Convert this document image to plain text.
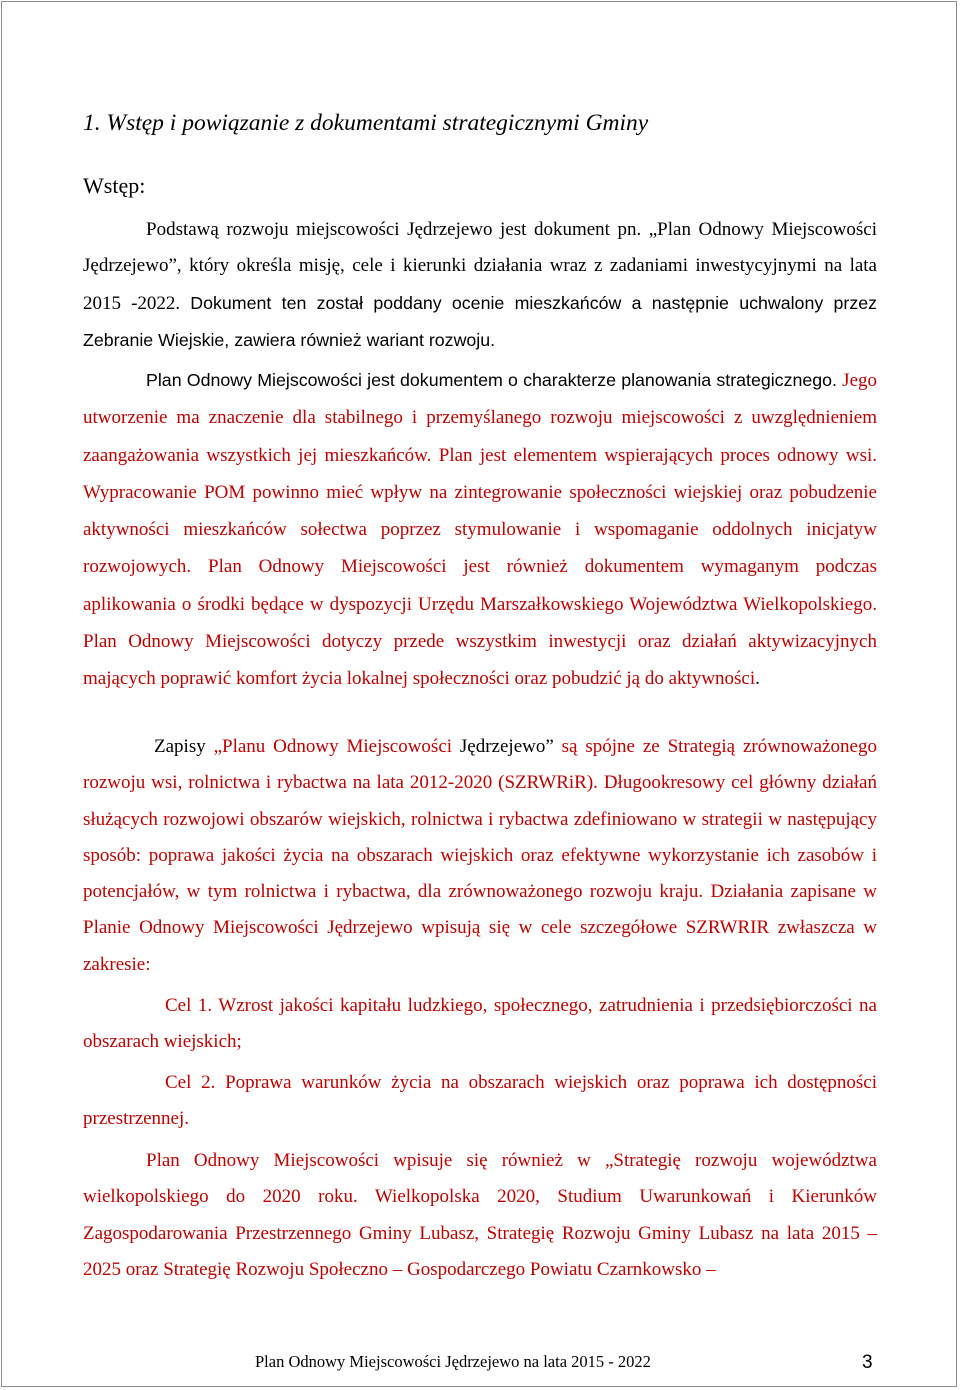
1. Wstęp i powiązanie z dokumentami strategicznymi Gminy
Wstęp:

Podstawą rozwoju miejscowości Jędrzejewo jest dokument pn. „Plan Odnowy Miejscowości Jędrzejewo”, który określa misję, cele i kierunki działania wraz z zadaniami inwestycyjnymi na lata 2015 -2022. Dokument ten został poddany ocenie mieszkańców a następnie uchwalony przez Zebranie Wiejskie, zawiera również wariant rozwoju.

Plan Odnowy Miejscowości jest dokumentem o charakterze planowania strategicznego. Jego utworzenie ma znaczenie dla stabilnego i przemyślanego rozwoju miejscowości z uwzględnieniem zaangażowania wszystkich jej mieszkańców. Plan jest elementem wspierających proces odnowy wsi. Wypracowanie POM powinno mieć wpływ na zintegrowanie społeczności wiejskiej oraz pobudzenie aktywności mieszkańców sołectwa poprzez stymulowanie i wspomaganie oddolnych inicjatyw rozwojowych. Plan Odnowy Miejscowości jest również dokumentem wymaganym podczas aplikowania o środki będące w dyspozycji Urzędu Marszałkowskiego Województwa Wielkopolskiego. Plan Odnowy Miejscowości dotyczy przede wszystkim inwestycji oraz działań aktywizacyjnych mających poprawić komfort życia lokalnej społeczności oraz pobudzić ją do aktywności.

Zapisy „Planu Odnowy Miejscowości Jędrzejewo” są spójne ze Strategią zrównoważonego rozwoju wsi, rolnictwa i rybactwa na lata 2012-2020 (SZRWRiR). Długookresowy cel główny działań służących rozwojowi obszarów wiejskich, rolnictwa i rybactwa zdefiniowano w strategii w następujący sposób: poprawa jakości życia na obszarach wiejskich oraz efektywne wykorzystanie ich zasobów i potencjałów, w tym rolnictwa i rybactwa, dla zrównoważonego rozwoju kraju. Działania zapisane w Planie Odnowy Miejscowości Jędrzejewo wpisują się w cele szczegółowe SZRWRIR zwłaszcza w zakresie:

Cel 1. Wzrost jakości kapitału ludzkiego, społecznego, zatrudnienia i przedsiębiorczości na obszarach wiejskich;

Cel 2. Poprawa warunków życia na obszarach wiejskich oraz poprawa ich dostępności przestrzennej.

Plan Odnowy Miejscowości wpisuje się również w „Strategię rozwoju województwa wielkopolskiego do 2020 roku. Wielkopolska 2020, Studium Uwarunkowań i Kierunków Zagospodarowania Przestrzennego Gminy Lubasz, Strategię Rozwoju Gminy Lubasz na lata 2015 – 2025 oraz Strategię Rozwoju Społeczno – Gospodarczego Powiatu Czarnkowsko –

Plan Odnowy Miejscowości Jędrzejewo na lata 2015 - 2022	3
